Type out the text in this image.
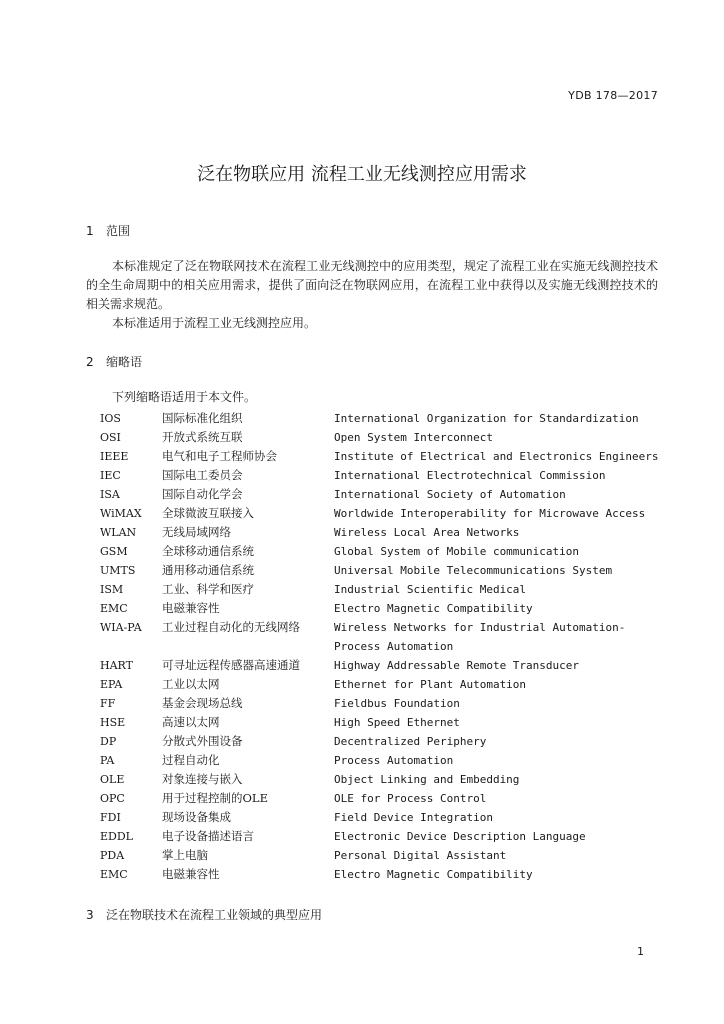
YDB 178—2017
泛在物联应用 流程工业无线测控应用需求
1 范围

本标准规定了泛在物联网技术在流程工业无线测控中的应用类型，规定了流程工业在实施无线测控技术的全生命周期中的相关应用需求，提供了面向泛在物联网应用，在流程工业中获得以及实施无线测控技术的相关需求规范。

本标准适用于流程工业无线测控应用。

2 缩略语

下列缩略语适用于本文件。

IOS	国际标准化组织	International Organization for Standardization
OSI	开放式系统互联	Open System Interconnect
IEEE	电气和电子工程师协会	Institute of Electrical and Electronics Engineers
IEC	国际电工委员会	International Electrotechnical Commission
ISA	国际自动化学会	International Society of Automation
WiMAX	全球微波互联接入	Worldwide Interoperability for Microwave Access
WLAN	无线局域网络	Wireless Local Area Networks
GSM	全球移动通信系统	Global System of Mobile communication
UMTS	通用移动通信系统	Universal Mobile Telecommunications System
ISM	工业、科学和医疗	Industrial Scientific Medical
EMC	电磁兼容性	Electro Magnetic Compatibility
WIA-PA	工业过程自动化的无线网络	Wireless Networks for Industrial Automation-Process Automation
HART	可寻址远程传感器高速通道	Highway Addressable Remote Transducer
EPA	工业以太网	Ethernet for Plant Automation
FF	基金会现场总线	Fieldbus Foundation
HSE	高速以太网	High Speed Ethernet
DP	分散式外围设备	Decentralized Periphery
PA	过程自动化	Process Automation
OLE	对象连接与嵌入	Object Linking and Embedding
OPC	用于过程控制的OLE	OLE for Process Control
FDI	现场设备集成	Field Device Integration
EDDL	电子设备描述语言	Electronic Device Description Language
PDA	掌上电脑	Personal Digital Assistant
EMC	电磁兼容性	Electro Magnetic Compatibility
3 泛在物联技术在流程工业领域的典型应用
1
